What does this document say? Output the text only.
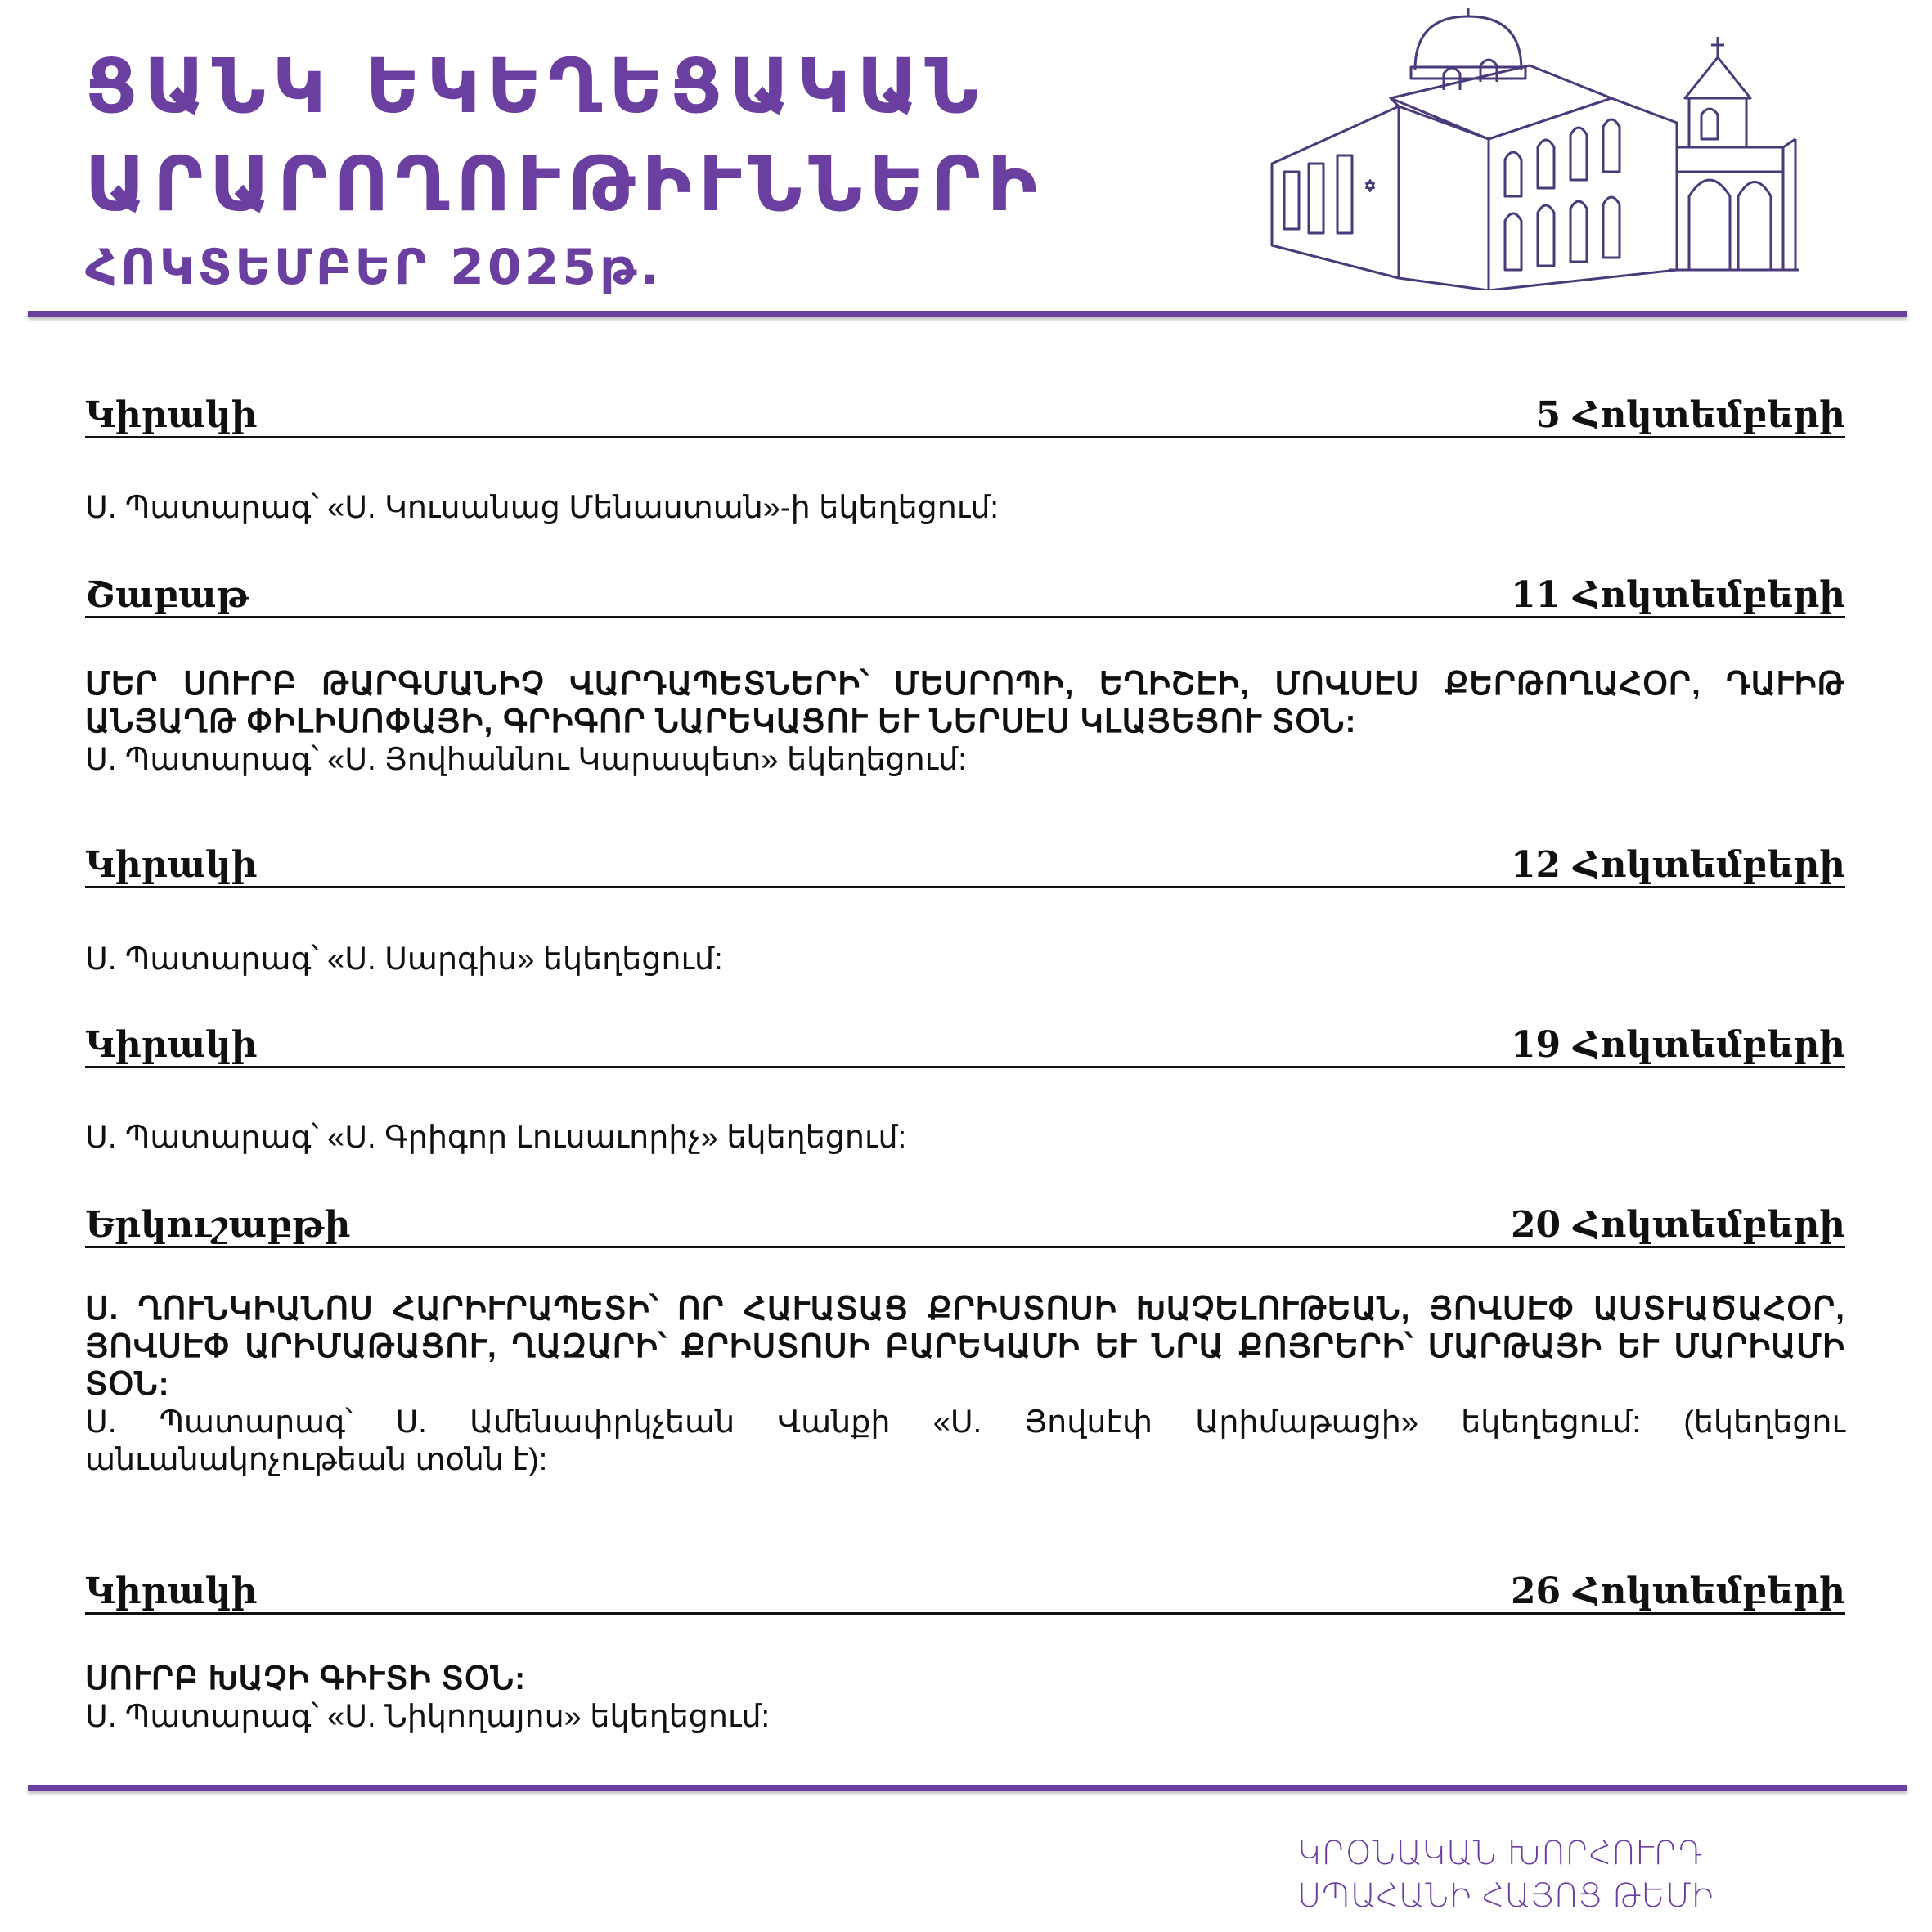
ՑԱՆԿ ԵԿԵՂԵՑԱԿԱՆ
ԱՐԱՐՈՂՈՒԹԻՒՆՆԵՐԻ
ՀՈԿՏԵՄԲԵՐ 2025թ.
Կիրակի	5 Հոկտեմբերի
Ս. Պատարագ՝ «Ս. Կուսանաց Մենաստան»-ի եկեղեցում:
Շաբաթ	11 Հոկտեմբերի
ՄԵՐ ՍՈՒՐԲ ԹԱՐԳՄԱՆԻՉ ՎԱՐԴԱՊԵՏՆԵՐԻ՝ ՄԵՍՐՈՊԻ, ԵՂԻՇԷԻ, ՄՈՎՍԷՍ ՔԵՐԹՈՂԱՀՕՐ, ԴԱՒԻԹ ԱՆՅԱՂԹ ՓԻԼԻՍՈՓԱՅԻ, ԳՐԻԳՈՐ ՆԱՐԵԿԱՑՈՒ ԵՒ ՆԵՐՍԷՍ ԿԼԱՅԵՑՈՒ ՏՕՆ:
Ս. Պատարագ՝ «Ս. Յովհաննու Կարապետ» եկեղեցում:
Կիրակի	12 Հոկտեմբերի
Ս. Պատարագ՝ «Ս. Սարգիս» եկեղեցում:
Կիրակի	19 Հոկտեմբերի
Ս. Պատարագ՝ «Ս. Գրիգոր Լուսաւորիչ» եկեղեցում:
Երկուշաբթի	20 Հոկտեմբերի
Ս. ՂՈՒՆԿԻԱՆՈՍ ՀԱՐԻՒՐԱՊԵՏԻ՝ ՈՐ ՀԱՒԱՏԱՑ ՔՐԻՍՏՈՍԻ ԽԱՉԵԼՈՒԹԵԱՆ, ՅՈՎՍԷՓ ԱՍՏՒԱԾԱՀՕՐ, ՅՈՎՍԷՓ ԱՐԻՄԱԹԱՑՈՒ, ՂԱԶԱՐԻ՝ ՔՐԻՍՏՈՍԻ ԲԱՐԵԿԱՄԻ ԵՒ ՆՐԱ ՔՈՅՐԵՐԻ՝ ՄԱՐԹԱՅԻ ԵՒ ՄԱՐԻԱՄԻ ՏՕՆ:
Ս. Պատարագ՝ Ս. Ամենափրկչեան Վանքի «Ս. Յովսէփ Արիմաթացի» եկեղեցում: (եկեղեցու անւանակոչութեան տօնն է):
Կիրակի	26 Հոկտեմբերի
ՍՈՒՐԲ ԽԱՉԻ ԳԻՒՏԻ ՏՕՆ:
Ս. Պատարագ՝ «Ս. Նիկողայոս» եկեղեցում:
ԿՐՕՆԱԿԱՆ ԽՈՐՀՈՒՐԴ
ՍՊԱՀԱՆԻ ՀԱՅՈՑ ԹԵՄԻ
